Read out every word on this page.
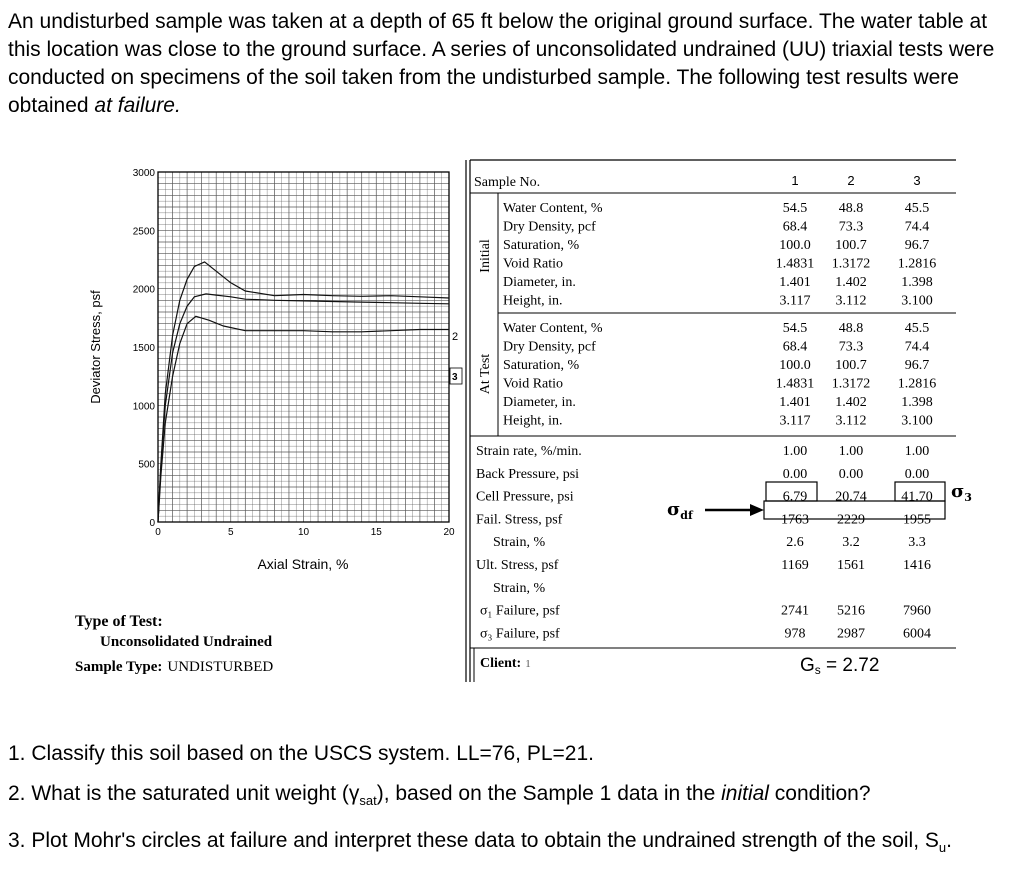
An undisturbed sample was taken at a depth of 65 ft below the original ground surface. The water table at this location was close to the ground surface. A series of unconsolidated undrained (UU) triaxial tests were conducted on specimens of the soil taken from the undisturbed sample. The following test results were obtained at failure.

0	5	10	15	20
0
500
1000
1500
2000
2500
3000
Deviator Stress, psf
Axial Strain, %
2
3
Type of Test:
Unconsolidated Undrained
Sample Type: UNDISTURBED
Sample No.	1	2	3
Initial
At Test
Water Content, %	54.5 48.8	45.5
Dry Density, pcf	68.4 73.3	74.4
Saturation, %	100.0 100.7	96.7
Void Ratio	1.4831 1.3172 1.2816
Diameter, in.	1.401 1.402 1.398
Height, in.	3.117 3.112 3.100
Water Content, %	54.5 48.8	45.5
Dry Density, pcf	68.4 73.3	74.4
Saturation, %	100.0 100.7	96.7
Void Ratio	1.4831 1.3172 1.2816
Diameter, in.	1.401 1.402 1.398
Height, in.	3.117 3.112 3.100
Strain rate, %/min.	1.00 1.00	1.00
Back Pressure, psi	0.00 0.00	0.00
Cell Pressure, psi	6.79 20.74 41.70
Fail. Stress, psf	1763 2229	1955
Strain, %	2.6	3.2	3.3
Ult. Stress, psf	1169 1561	1416
Strain, %
σ₁ Failure, psf	2741 5216	7960
σ₃ Failure, psf	978 2987	6004
Client: 1
$\sigma_{df}$
$\sigma_3$
Gs = 2.72
1. Classify this soil based on the USCS system. LL=76, PL=21.
2. What is the saturated unit weight $(\gamma_{sat})$, based on the Sample 1 data in the initial condition?
3. Plot Mohr's circles at failure and interpret these data to obtain the undrained strength of the soil, $S_u$.
